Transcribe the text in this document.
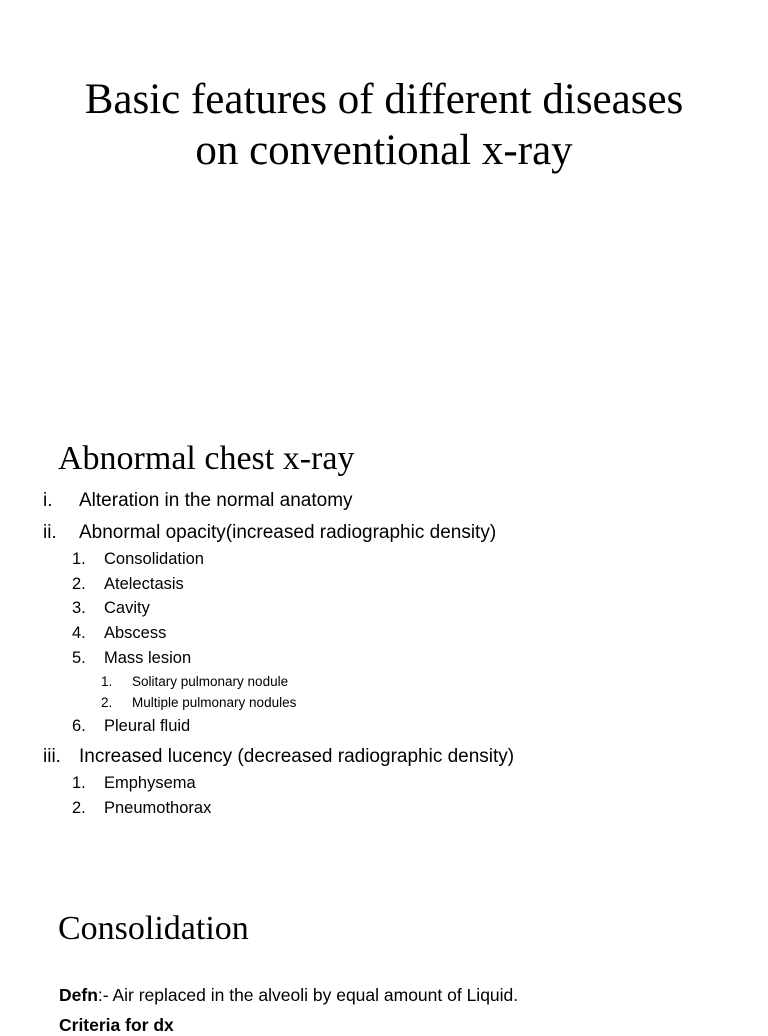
Basic features of different diseases on conventional x-ray
Abnormal chest x-ray
i. Alteration in the normal anatomy
ii. Abnormal opacity(increased radiographic density)
1. Consolidation
2. Atelectasis
3. Cavity
4. Abscess
5. Mass lesion
1. Solitary pulmonary nodule
2. Multiple pulmonary nodules
6. Pleural fluid
iii. Increased lucency (decreased radiographic density)
1. Emphysema
2. Pneumothorax
Consolidation
Defn:- Air replaced in the alveoli by equal amount of Liquid.
Criteria for dx
